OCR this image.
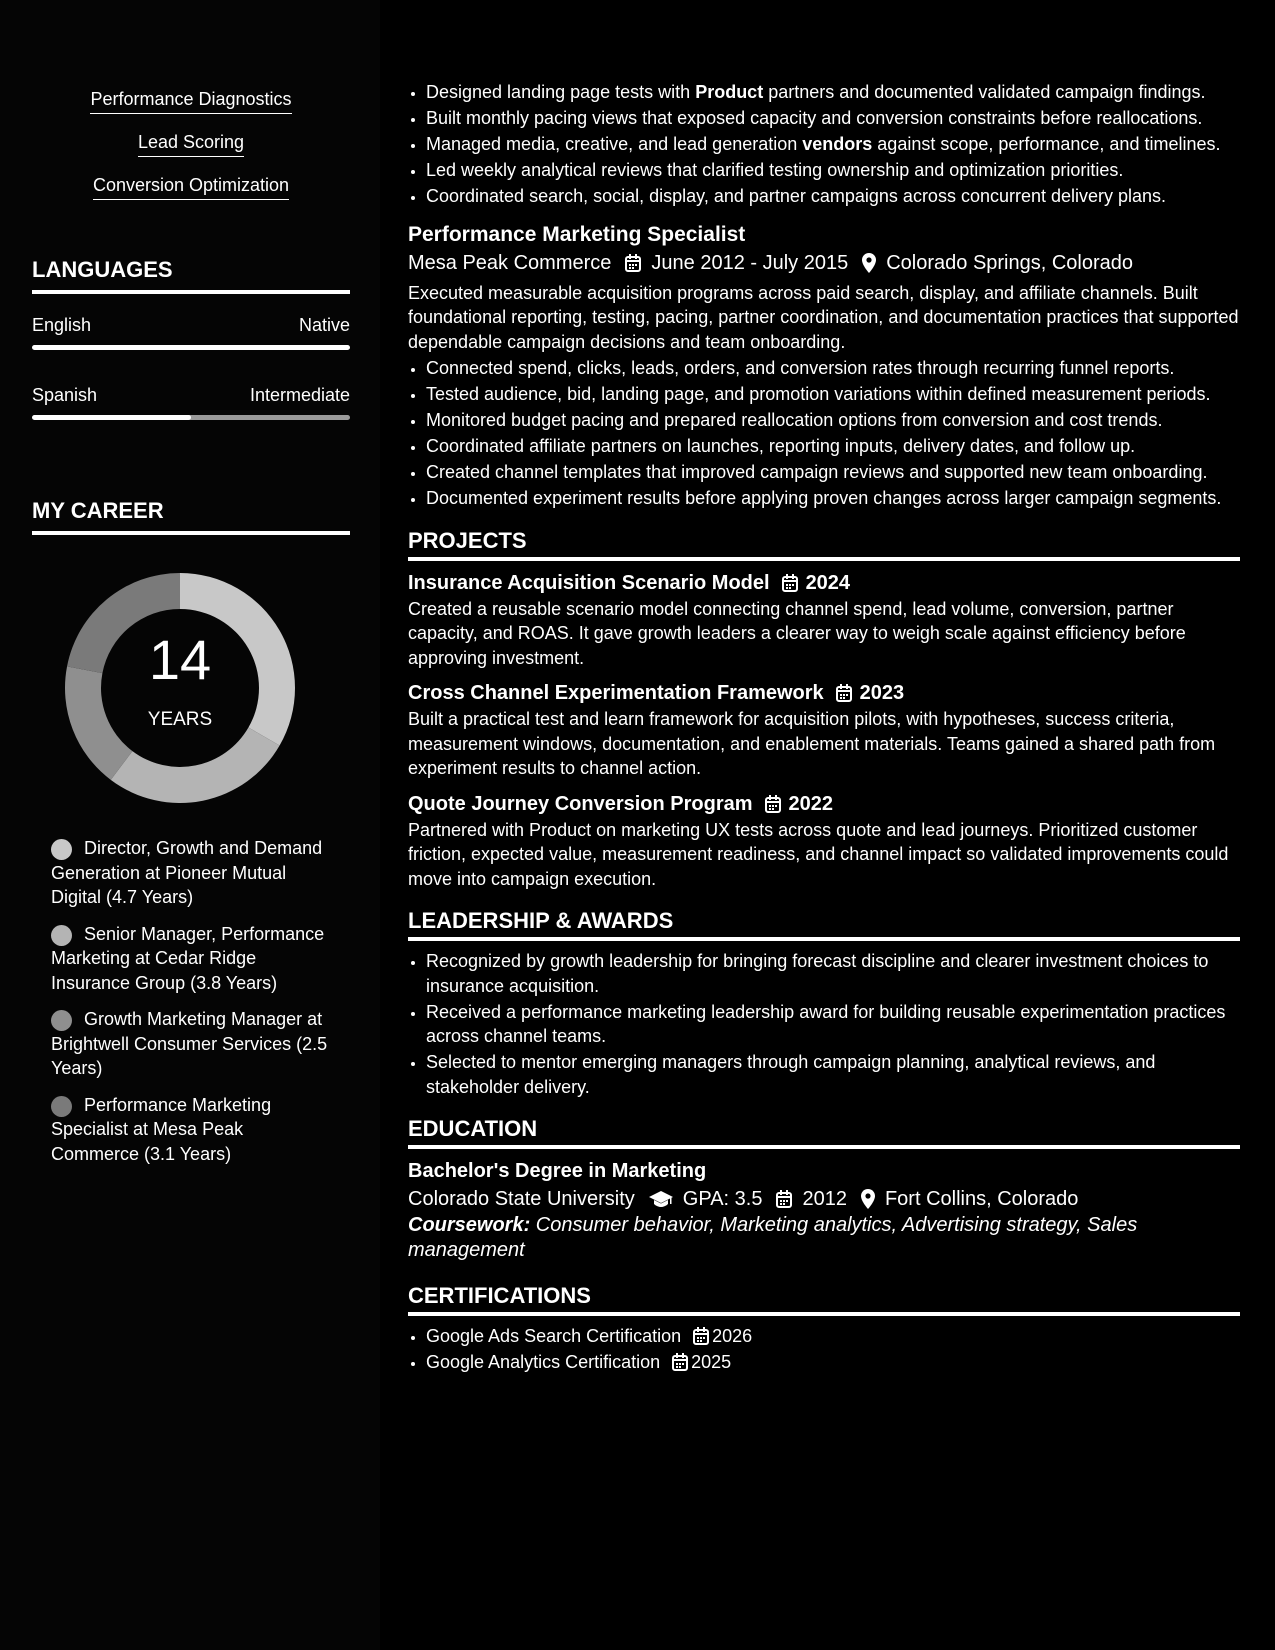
Performance Diagnostics
Lead Scoring
Conversion Optimization
LANGUAGES
English	Native
Spanish	Intermediate
MY CAREER
14
YEARS
Director, Growth and Demand Generation at Pioneer Mutual Digital (4.7 Years)
Senior Manager, Performance Marketing at Cedar Ridge Insurance Group (3.8 Years)
Growth Marketing Manager at Brightwell Consumer Services (2.5 Years)
Performance Marketing Specialist at Mesa Peak Commerce (3.1 Years)
• Designed landing page tests with Product partners and documented validated campaign findings.
• Built monthly pacing views that exposed capacity and conversion constraints before reallocations.
• Managed media, creative, and lead generation vendors against scope, performance, and timelines.
• Led weekly analytical reviews that clarified testing ownership and optimization priorities.
• Coordinated search, social, display, and partner campaigns across concurrent delivery plans.
Performance Marketing Specialist
Mesa Peak Commerce June 2012 - July 2015 Colorado Springs, Colorado
Executed measurable acquisition programs across paid search, display, and affiliate channels. Built foundational reporting, testing, pacing, partner coordination, and documentation practices that supported dependable campaign decisions and team onboarding.
• Connected spend, clicks, leads, orders, and conversion rates through recurring funnel reports.
• Tested audience, bid, landing page, and promotion variations within defined measurement periods.
• Monitored budget pacing and prepared reallocation options from conversion and cost trends.
• Coordinated affiliate partners on launches, reporting inputs, delivery dates, and follow up.
• Created channel templates that improved campaign reviews and supported new team onboarding.
• Documented experiment results before applying proven changes across larger campaign segments.
PROJECTS
Insurance Acquisition Scenario Model 2024
Created a reusable scenario model connecting channel spend, lead volume, conversion, partner capacity, and ROAS. It gave growth leaders a clearer way to weigh scale against efficiency before approving investment.
Cross Channel Experimentation Framework 2023
Built a practical test and learn framework for acquisition pilots, with hypotheses, success criteria, measurement windows, documentation, and enablement materials. Teams gained a shared path from experiment results to channel action.
Quote Journey Conversion Program 2022
Partnered with Product on marketing UX tests across quote and lead journeys. Prioritized customer friction, expected value, measurement readiness, and channel impact so validated improvements could move into campaign execution.
LEADERSHIP & AWARDS
• Recognized by growth leadership for bringing forecast discipline and clearer investment choices to insurance acquisition.
• Received a performance marketing leadership award for building reusable experimentation practices across channel teams.
• Selected to mentor emerging managers through campaign planning, analytical reviews, and stakeholder delivery.
EDUCATION
Bachelor's Degree in Marketing
Colorado State University GPA: 3.5 2012 Fort Collins, Colorado
Coursework: Consumer behavior, Marketing analytics, Advertising strategy, Sales management
CERTIFICATIONS
• Google Ads Search Certification 2026
• Google Analytics Certification 2025
